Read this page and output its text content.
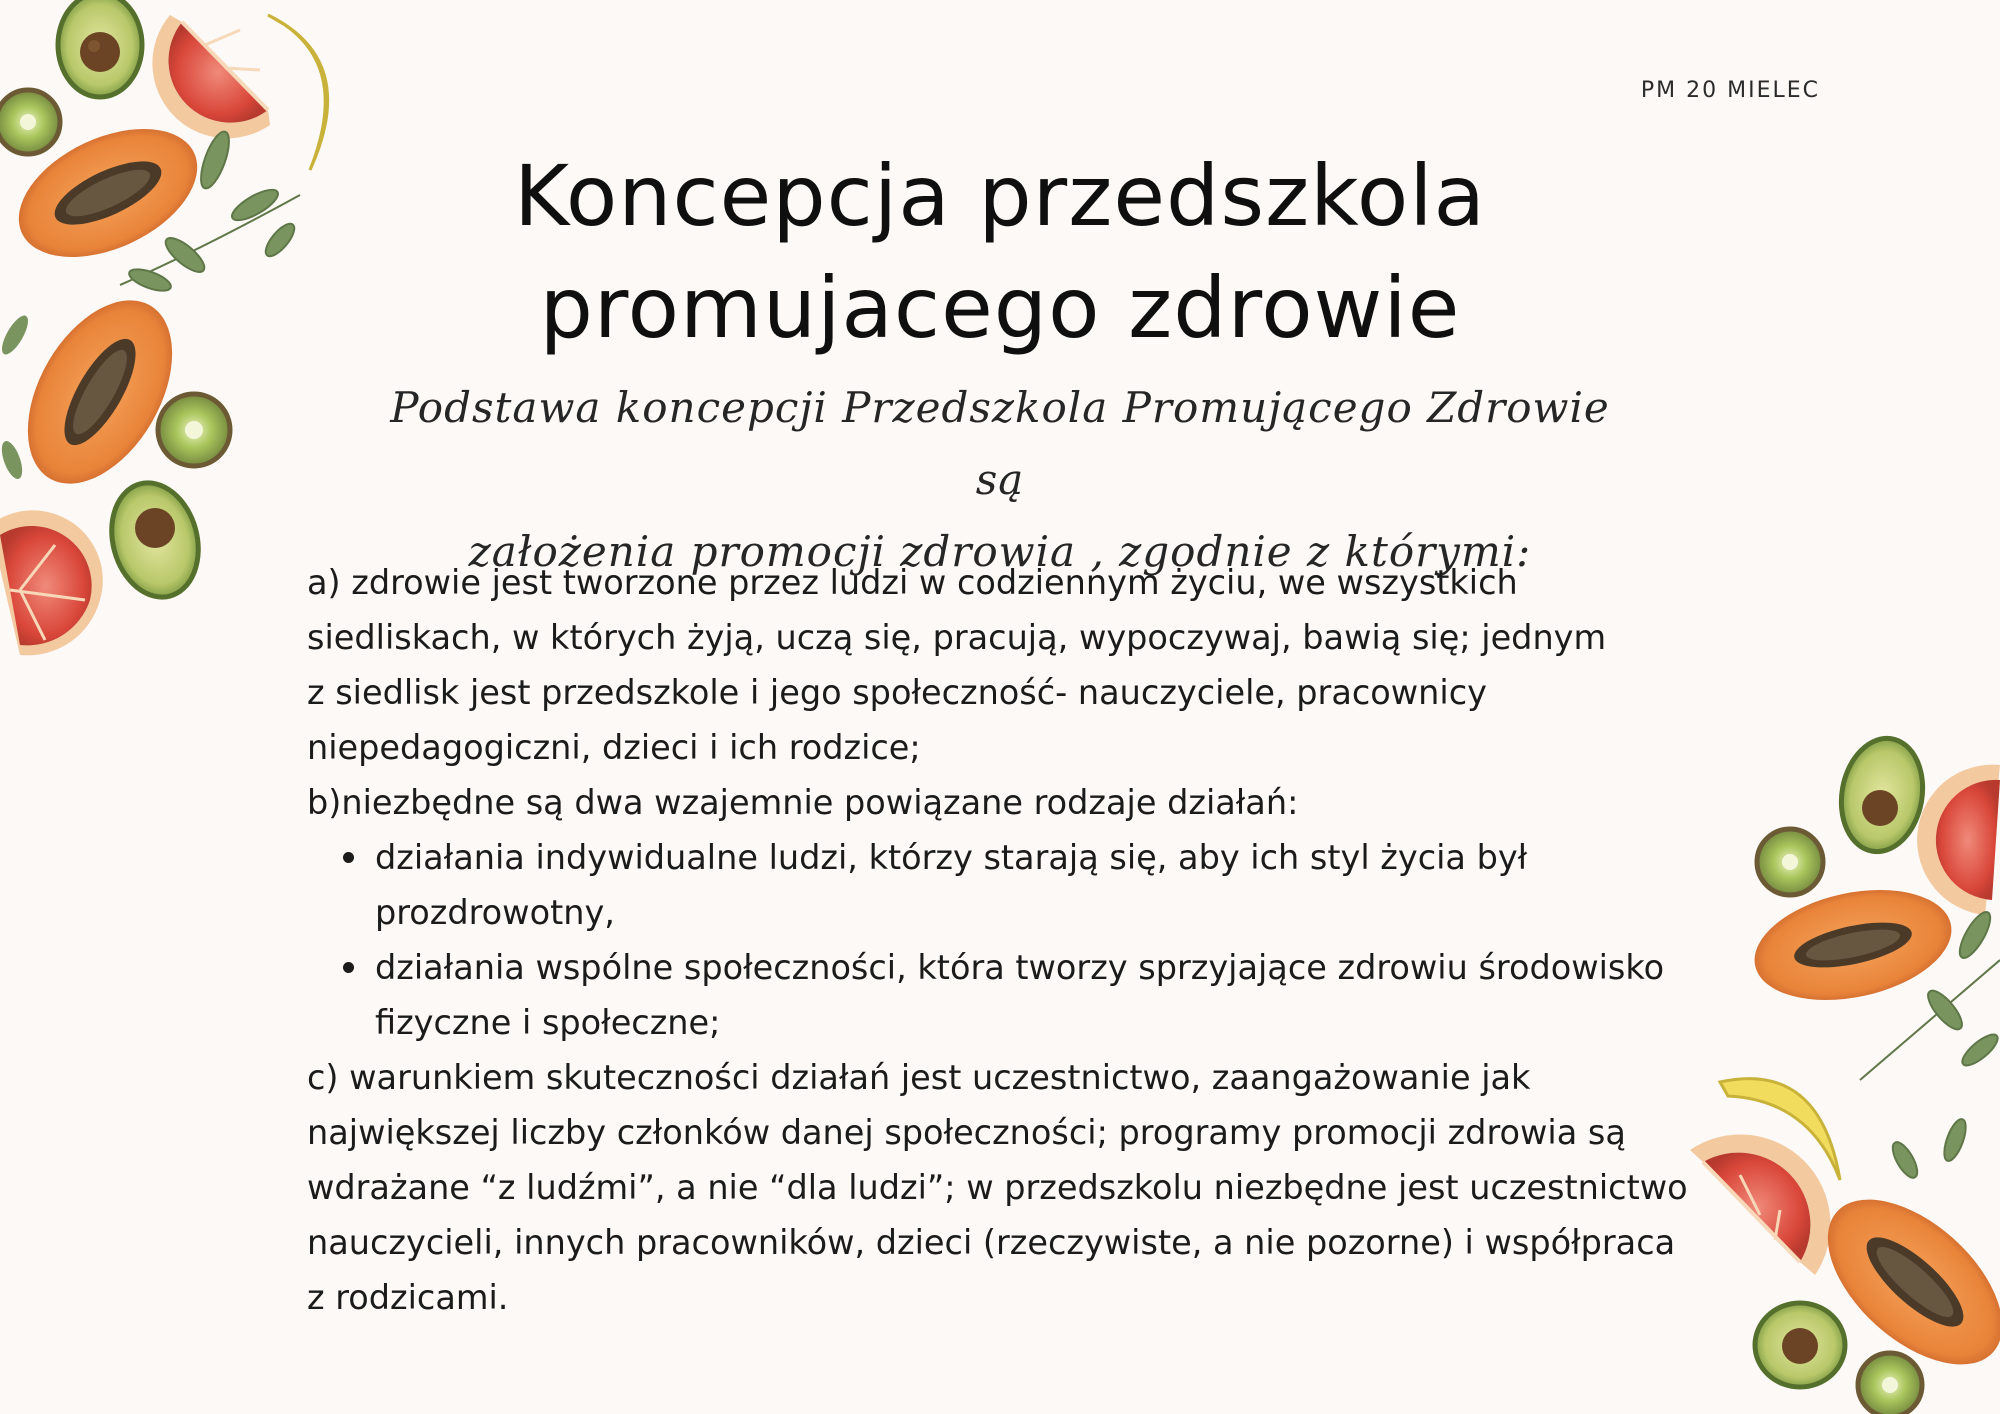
PM 20 MIELEC
Koncepcja przedszkola
promujacego zdrowie

Podstawa koncepcji Przedszkola Promującego Zdrowie są
założenia promocji zdrowia , zgodnie z którymi:

a) zdrowie jest tworzone przez ludzi w codziennym życiu, we wszystkich
siedliskach, w których żyją, uczą się, pracują, wypoczywaj, bawią się; jednym
z siedlisk jest przedszkole i jego społeczność- nauczyciele, pracownicy
niepedagogiczni, dzieci i ich rodzice;
b)niezbędne są dwa wzajemnie powiązane rodzaje działań:
działania indywidualne ludzi, którzy starają się, aby ich styl życia był
prozdrowotny,
działania wspólne społeczności, która tworzy sprzyjające zdrowiu środowisko
fizyczne i społeczne;
c) warunkiem skuteczności działań jest uczestnictwo, zaangażowanie jak
największej liczby członków danej społeczności; programy promocji zdrowia są
wdrażane “z ludźmi”, a nie “dla ludzi”; w przedszkolu niezbędne jest uczestnictwo
nauczycieli, innych pracowników, dzieci (rzeczywiste, a nie pozorne) i współpraca
z rodzicami.
